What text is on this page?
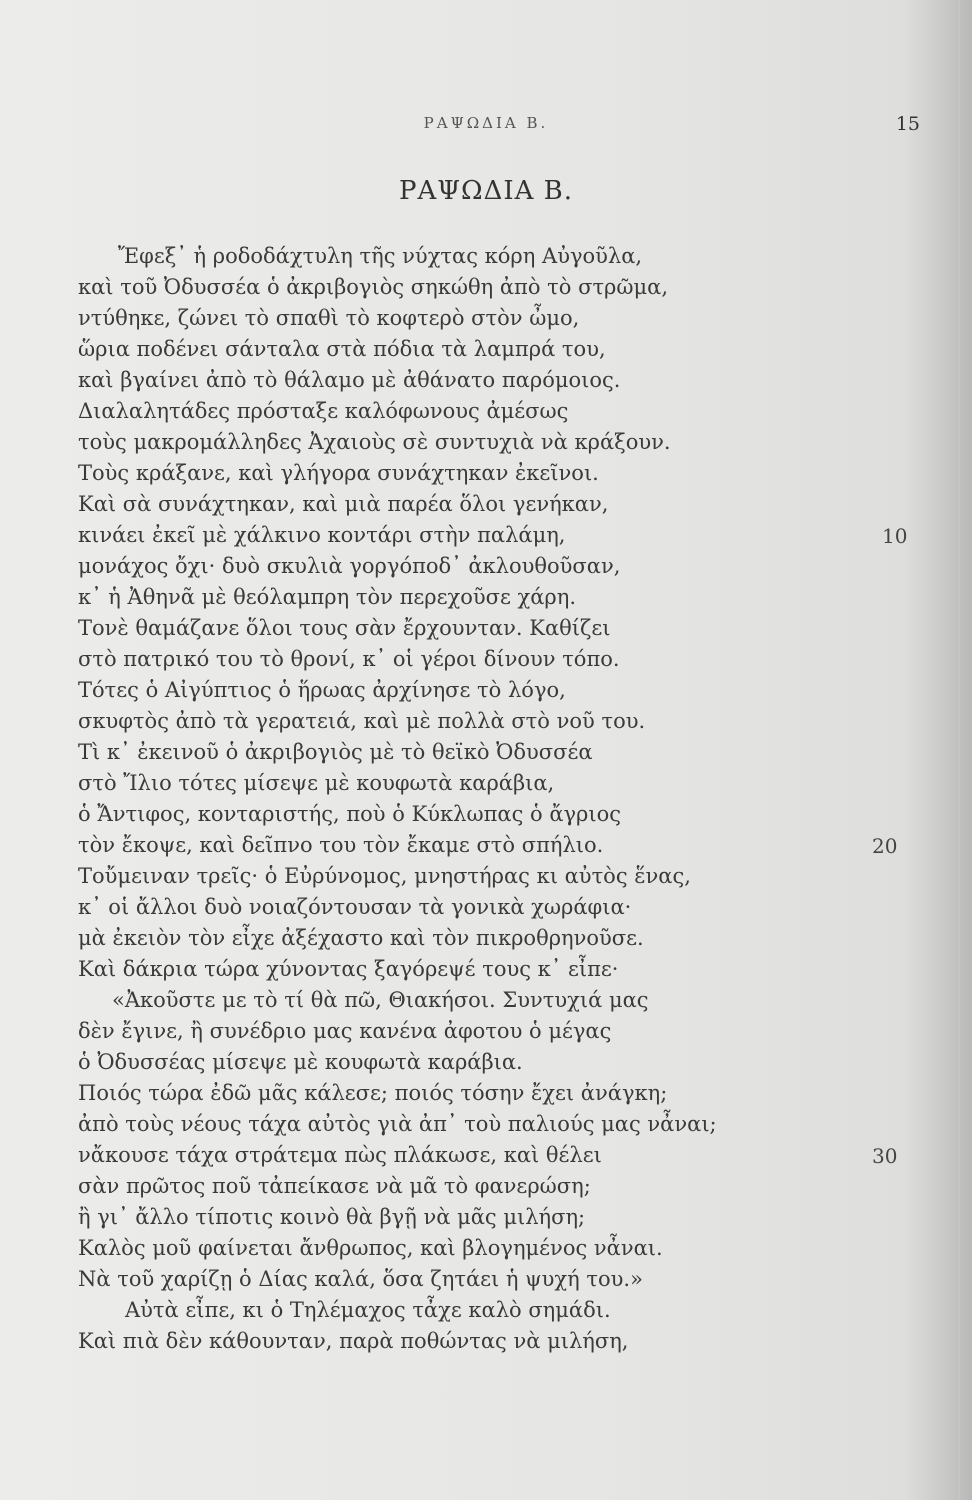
ΡΑΨΩΔΙΑ Β.	15
ΡΑΨΩΔΙΑ Β.
Ἔφεξ᾽ ἡ ροδοδάχτυλη τῆς νύχτας κόρη Αὐγοῦλα,
καὶ τοῦ Ὀδυσσέα ὁ ἀκριβογιὸς σηκώθη ἀπὸ τὸ στρῶμα,
ντύθηκε, ζώνει τὸ σπαθὶ τὸ κοφτερὸ στὸν ὦμο,
ὥρια ποδένει σάνταλα στὰ πόδια τὰ λαμπρά του,
καὶ βγαίνει ἀπὸ τὸ θάλαμο μὲ ἀθάνατο παρόμοιος.
Διαλαλητάδες πρόσταξε καλόφωνους ἀμέσως
τοὺς μακρομάλληδες Ἀχαιοὺς σὲ συντυχιὰ νὰ κράξουν.
Τοὺς κράξανε, καὶ γλήγορα συνάχτηκαν ἐκεῖνοι.
Καὶ σὰ συνάχτηκαν, καὶ μιὰ παρέα ὅλοι γενήκαν,
κινάει ἐκεῖ μὲ χάλκινο κοντάρι στὴν παλάμη,
μονάχος ὄχι· δυὸ σκυλιὰ γοργόποδ᾽ ἀκλουθοῦσαν,
κ᾽ ἡ Ἀθηνᾶ μὲ θεόλαμπρη τὸν περεχοῦσε χάρη.
Τονὲ θαμάζανε ὅλοι τους σὰν ἔρχουνταν. Καθίζει
στὸ πατρικό του τὸ θρονί, κ᾽ οἱ γέροι δίνουν τόπο.
Τότες ὁ Αἰγύπτιος ὁ ἥρωας ἀρχίνησε τὸ λόγο,
σκυφτὸς ἀπὸ τὰ γερατειά, καὶ μὲ πολλὰ στὸ νοῦ του.
Τὶ κ᾽ ἐκεινοῦ ὁ ἀκριβογιὸς μὲ τὸ θεϊκὸ Ὀδυσσέα
στὸ Ἴλιο τότες μίσεψε μὲ κουφωτὰ καράβια,
ὁ Ἄντιφος, κονταριστής, ποὺ ὁ Κύκλωπας ὁ ἄγριος
τὸν ἔκοψε, καὶ δεῖπνο του τὸν ἔκαμε στὸ σπήλιο.
Τοὔμειναν τρεῖς· ὁ Εὐρύνομος, μνηστήρας κι αὐτὸς ἕνας,
κ᾽ οἱ ἄλλοι δυὸ νοιαζόντουσαν τὰ γονικὰ χωράφια·
μὰ ἐκειὸν τὸν εἶχε ἀξέχαστο καὶ τὸν πικροθρηνοῦσε.
Καὶ δάκρια τώρα χύνοντας ξαγόρεψέ τους κ᾽ εἶπε·
«Ἀκοῦστε με τὸ τί θὰ πῶ, Θιακήσοι. Συντυχιά μας
δὲν ἔγινε, ἢ συνέδριο μας κανένα ἀφοτου ὁ μέγας
ὁ Ὀδυσσέας μίσεψε μὲ κουφωτὰ καράβια.
Ποιός τώρα ἐδῶ μᾶς κάλεσε; ποιός τόσην ἔχει ἀνάγκη;
ἀπὸ τοὺς νέους τάχα αὐτὸς γιὰ ἀπ᾽ τοὺ παλιούς μας νἆναι;
νἄκουσε τάχα στράτεμα πὼς πλάκωσε, καὶ θέλει
σὰν πρῶτος ποῦ τἀπείκασε νὰ μᾶ τὸ φανερώση;
ἢ γι᾽ ἄλλο τίποτις κοινὸ θὰ βγῇ νὰ μᾶς μιλήση;
Καλὸς μοῦ φαίνεται ἄνθρωπος, καὶ βλογημένος νἆναι.
Νὰ τοῦ χαρίζῃ ὁ Δίας καλά, ὅσα ζητάει ἡ ψυχή του.»
Αὐτὰ εἶπε, κι ὁ Τηλέμαχος τἆχε καλὸ σημάδι.
Καὶ πιὰ δὲν κάθουνταν, παρὰ ποθώντας νὰ μιλήση,
10
20
30
